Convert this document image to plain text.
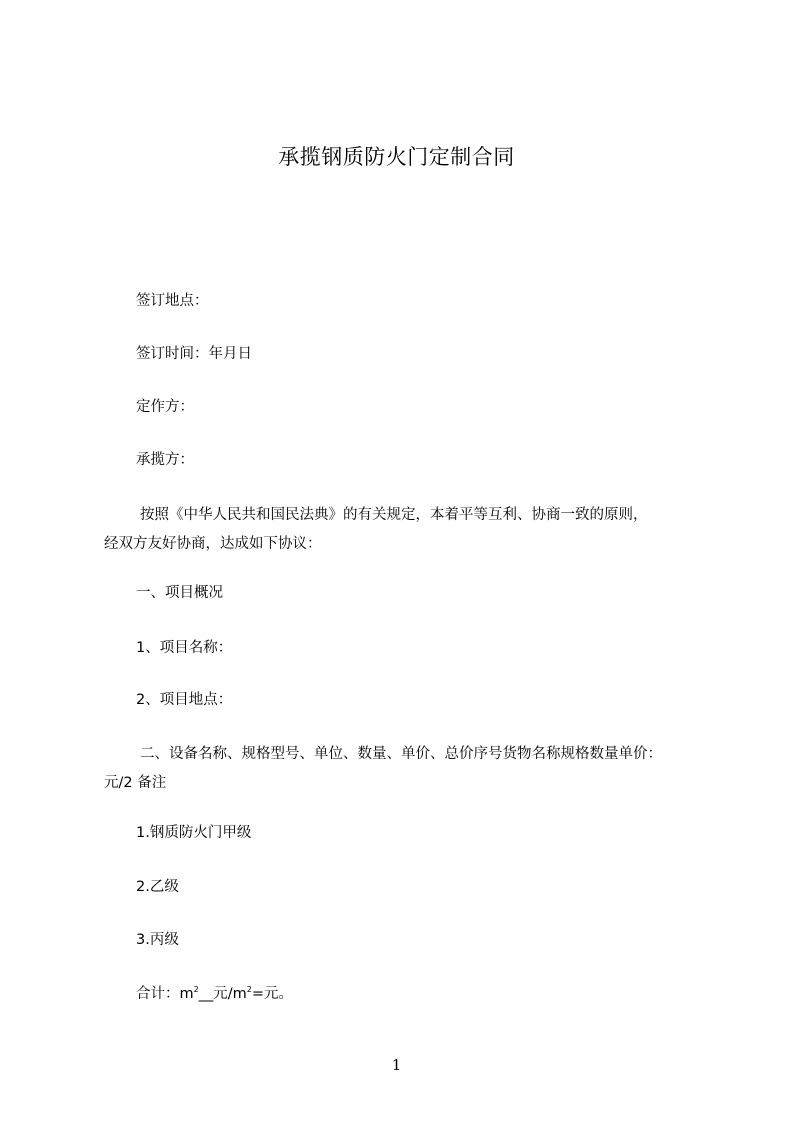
承揽钢质防火门定制合同
签订地点：
签订时间：年月日
定作方：
承揽方：
按照《中华人民共和国民法典》的有关规定，本着平等互利、协商一致的原则，
经双方友好协商，达成如下协议：
一、项目概况
1、项目名称：
2、项目地点：
二、设备名称、规格型号、单位、数量、单价、总价序号货物名称规格数量单价：
元/2 备注
1.钢质防火门甲级
2.乙级
3.丙级
合计：$m^2\_\_$元$/m^2=$元。
1
